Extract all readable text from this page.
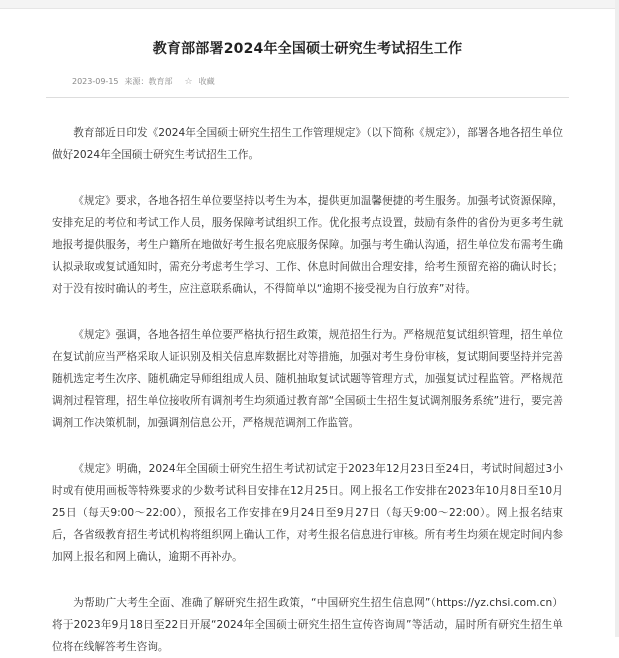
教育部部署2024年全国硕士研究生考试招生工作
2023-09-15 来源：教育部 ☆ 收藏

教育部近日印发《2024年全国硕士研究生招生工作管理规定》（以下简称《规定》），部署各地各招生单位做好2024年全国硕士研究生考试招生工作。

《规定》要求，各地各招生单位要坚持以考生为本，提供更加温馨便捷的考生服务。加强考试资源保障，安排充足的考位和考试工作人员，服务保障考试组织工作。优化报考点设置，鼓励有条件的省份为更多考生就地报考提供服务，考生户籍所在地做好考生报名兜底服务保障。加强与考生确认沟通，招生单位发布需考生确认拟录取或复试通知时，需充分考虑考生学习、工作、休息时间做出合理安排，给考生预留充裕的确认时长；对于没有按时确认的考生，应注意联系确认，不得简单以“逾期不接受视为自行放弃”对待。

《规定》强调，各地各招生单位要严格执行招生政策，规范招生行为。严格规范复试组织管理，招生单位在复试前应当严格采取人证识别及相关信息库数据比对等措施，加强对考生身份审核，复试期间要坚持并完善随机选定考生次序、随机确定导师组组成人员、随机抽取复试试题等管理方式，加强复试过程监管。严格规范调剂过程管理，招生单位接收所有调剂考生均须通过教育部“全国硕士生招生复试调剂服务系统”进行，要完善调剂工作决策机制，加强调剂信息公开，严格规范调剂工作监管。

《规定》明确，2024年全国硕士研究生招生考试初试定于2023年12月23日至24日，考试时间超过3小时或有使用画板等特殊要求的少数考试科目安排在12月25日。网上报名工作安排在2023年10月8日至10月25日（每天9:00～22:00），预报名工作安排在9月24日至9月27日（每天9:00～22:00）。网上报名结束后，各省级教育招生考试机构将组织网上确认工作，对考生报名信息进行审核。所有考生均须在规定时间内参加网上报名和网上确认，逾期不再补办。

为帮助广大考生全面、准确了解研究生招生政策，“中国研究生招生信息网”（https://yz.chsi.com.cn）将于2023年9月18日至22日开展“2024年全国硕士研究生招生宣传咨询周”等活动，届时所有研究生招生单位将在线解答考生咨询。
